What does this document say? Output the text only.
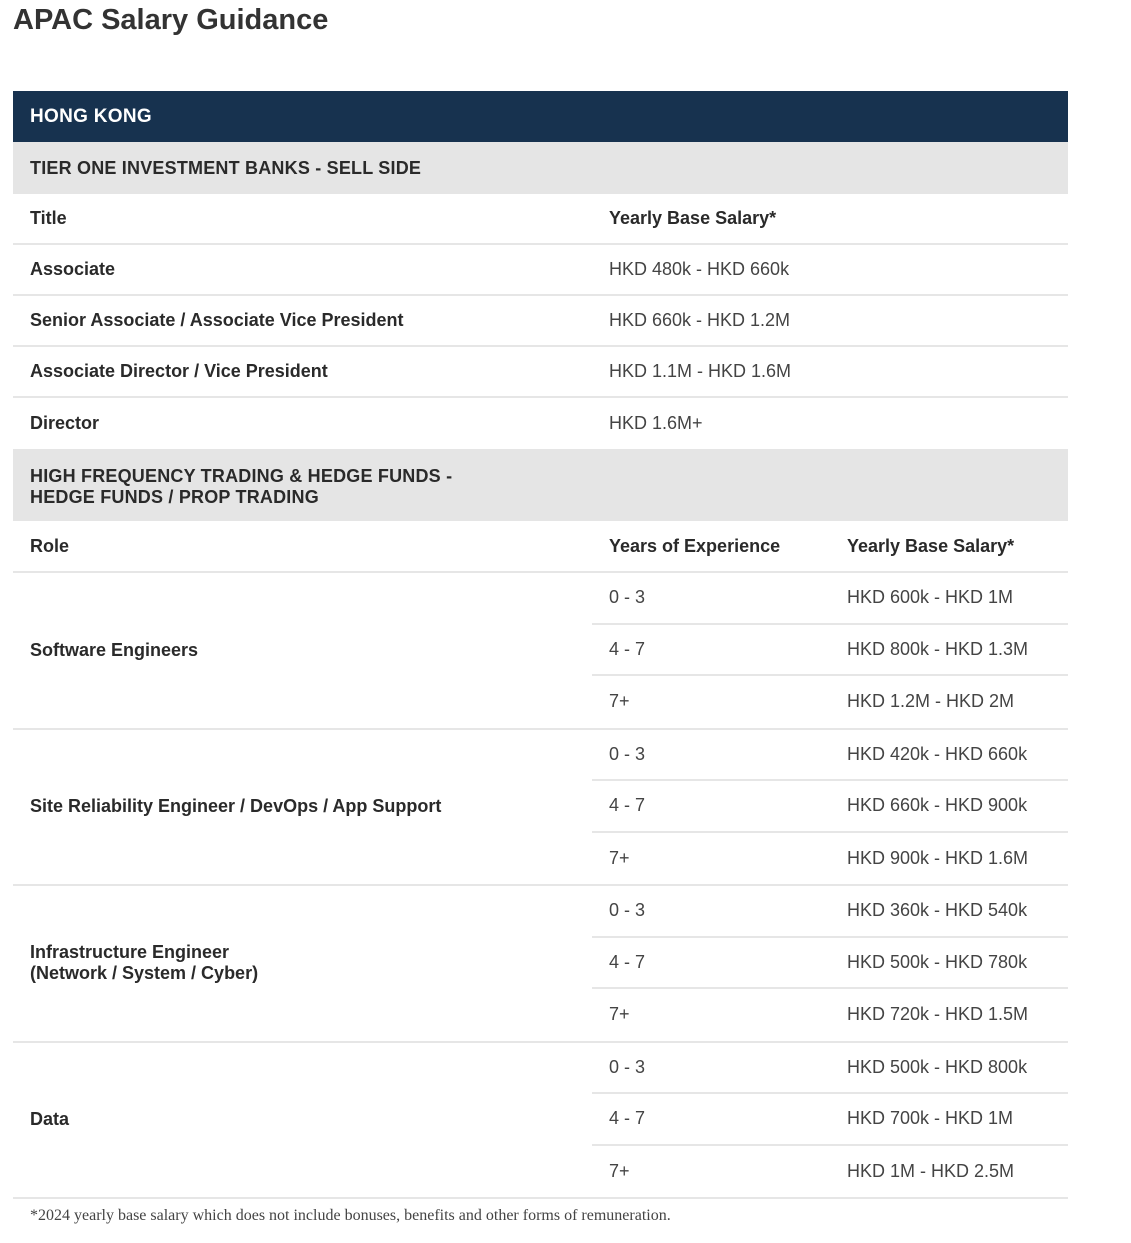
APAC Salary Guidance
HONG KONG
TIER ONE INVESTMENT BANKS - SELL SIDE
Title	Yearly Base Salary*
Associate	HKD 480k - HKD 660k
Senior Associate / Associate Vice President	HKD 660k - HKD 1.2M
Associate Director / Vice President	HKD 1.1M - HKD 1.6M
Director	HKD 1.6M+
HIGH FREQUENCY TRADING & HEDGE FUNDS -
HEDGE FUNDS / PROP TRADING
Role	Years of Experience	Yearly Base Salary*
Software Engineers
0 - 3	HKD 600k - HKD 1M
4 - 7	HKD 800k - HKD 1.3M
7+	HKD 1.2M - HKD 2M
Site Reliability Engineer / DevOps / App Support
0 - 3	HKD 420k - HKD 660k
4 - 7	HKD 660k - HKD 900k
7+	HKD 900k - HKD 1.6M
Infrastructure Engineer
(Network / System / Cyber)
0 - 3	HKD 360k - HKD 540k
4 - 7	HKD 500k - HKD 780k
7+	HKD 720k - HKD 1.5M
Data
0 - 3	HKD 500k - HKD 800k
4 - 7	HKD 700k - HKD 1M
7+	HKD 1M - HKD 2.5M
*2024 yearly base salary which does not include bonuses, benefits and other forms of remuneration.
